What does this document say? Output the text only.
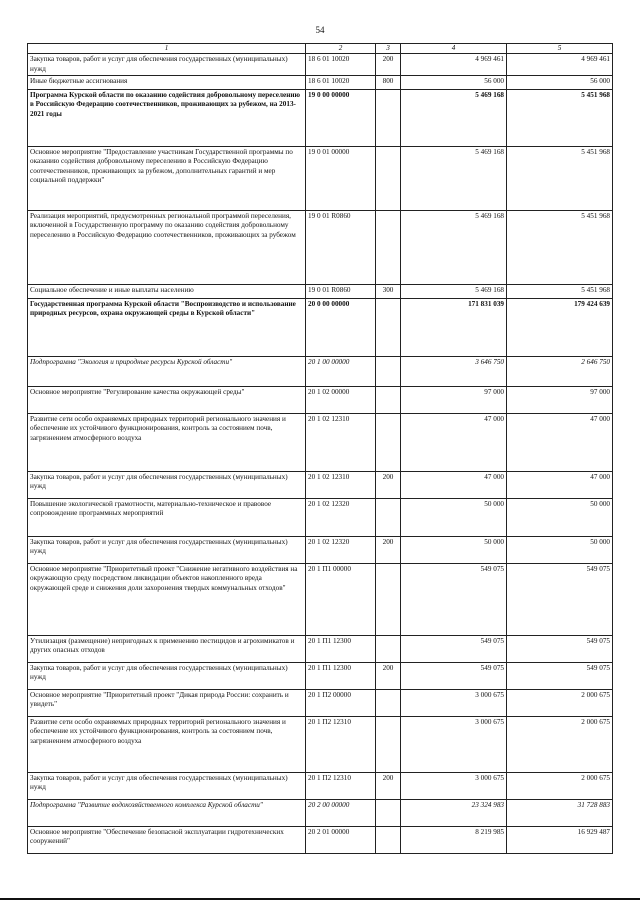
54
1	2	3	4	5
Закупка товаров, работ и услуг для обеспечения государственных (муниципальных) нужд	18 6 01 10020	200	4 969 461	4 969 461
Иные бюджетные ассигнования	18 6 01 10020	800	56 000	56 000
Программа Курской области по оказанию содействия добровольному переселению в Российскую Федерацию соотечественников, проживающих за рубежом, на 2013-2021 годы	19 0 00 00000		5 469 168	5 451 968
Основное мероприятие "Предоставление участникам Государственной программы по оказанию содействия добровольному переселению в Российскую Федерацию соотечественников, проживающих за рубежом, дополнительных гарантий и мер социальной поддержки"	19 0 01 00000		5 469 168	5 451 968
Реализация мероприятий, предусмотренных региональной программой переселения, включенной в Государственную программу по оказанию содействия добровольному переселению в Российскую Федерацию соотечественников, проживающих за рубежом	19 0 01 R0860		5 469 168	5 451 968
Социальное обеспечение и иные выплаты населению	19 0 01 R0860	300	5 469 168	5 451 968
Государственная программа Курской области "Воспроизводство и использование природных ресурсов, охрана окружающей среды в Курской области"	20 0 00 00000		171 831 039	179 424 639
Подпрограмма "Экология и природные ресурсы Курской области"	20 1 00 00000		3 646 750	2 646 750
Основное мероприятие "Регулирование качества окружающей среды"	20 1 02 00000		97 000	97 000
Развитие сети особо охраняемых природных территорий регионального значения и обеспечение их устойчивого функционирования, контроль за состоянием почв, загрязнением атмосферного воздуха	20 1 02 12310		47 000	47 000
Закупка товаров, работ и услуг для обеспечения государственных (муниципальных) нужд	20 1 02 12310	200	47 000	47 000
Повышение экологической грамотности, материально-техническое и правовое сопровождение программных мероприятий	20 1 02 12320		50 000	50 000
Закупка товаров, работ и услуг для обеспечения государственных (муниципальных) нужд	20 1 02 12320	200	50 000	50 000
Основное мероприятие "Приоритетный проект "Снижение негативного воздействия на окружающую среду посредством ликвидации объектов накопленного вреда окружающей среде и снижения доли захоронения твердых коммунальных отходов"	20 1 П1 00000		549 075	549 075
Утилизация (размещение) непригодных к применению пестицидов и агрохимикатов и других опасных отходов	20 1 П1 12300		549 075	549 075
Закупка товаров, работ и услуг для обеспечения государственных (муниципальных) нужд	20 1 П1 12300	200	549 075	549 075
Основное мероприятие "Приоритетный проект "Дикая природа России: сохранить и увидеть"	20 1 П2 00000		3 000 675	2 000 675
Развитие сети особо охраняемых природных территорий регионального значения и обеспечение их устойчивого функционирования, контроль за состоянием почв, загрязнением атмосферного воздуха	20 1 П2 12310		3 000 675	2 000 675
Закупка товаров, работ и услуг для обеспечения государственных (муниципальных) нужд	20 1 П2 12310	200	3 000 675	2 000 675
Подпрограмма "Развитие водохозяйственного комплекса Курской области"	20 2 00 00000		23 324 983	31 728 883
Основное мероприятие "Обеспечение безопасной эксплуатации гидротехнических сооружений"	20 2 01 00000		8 219 985	16 929 487
